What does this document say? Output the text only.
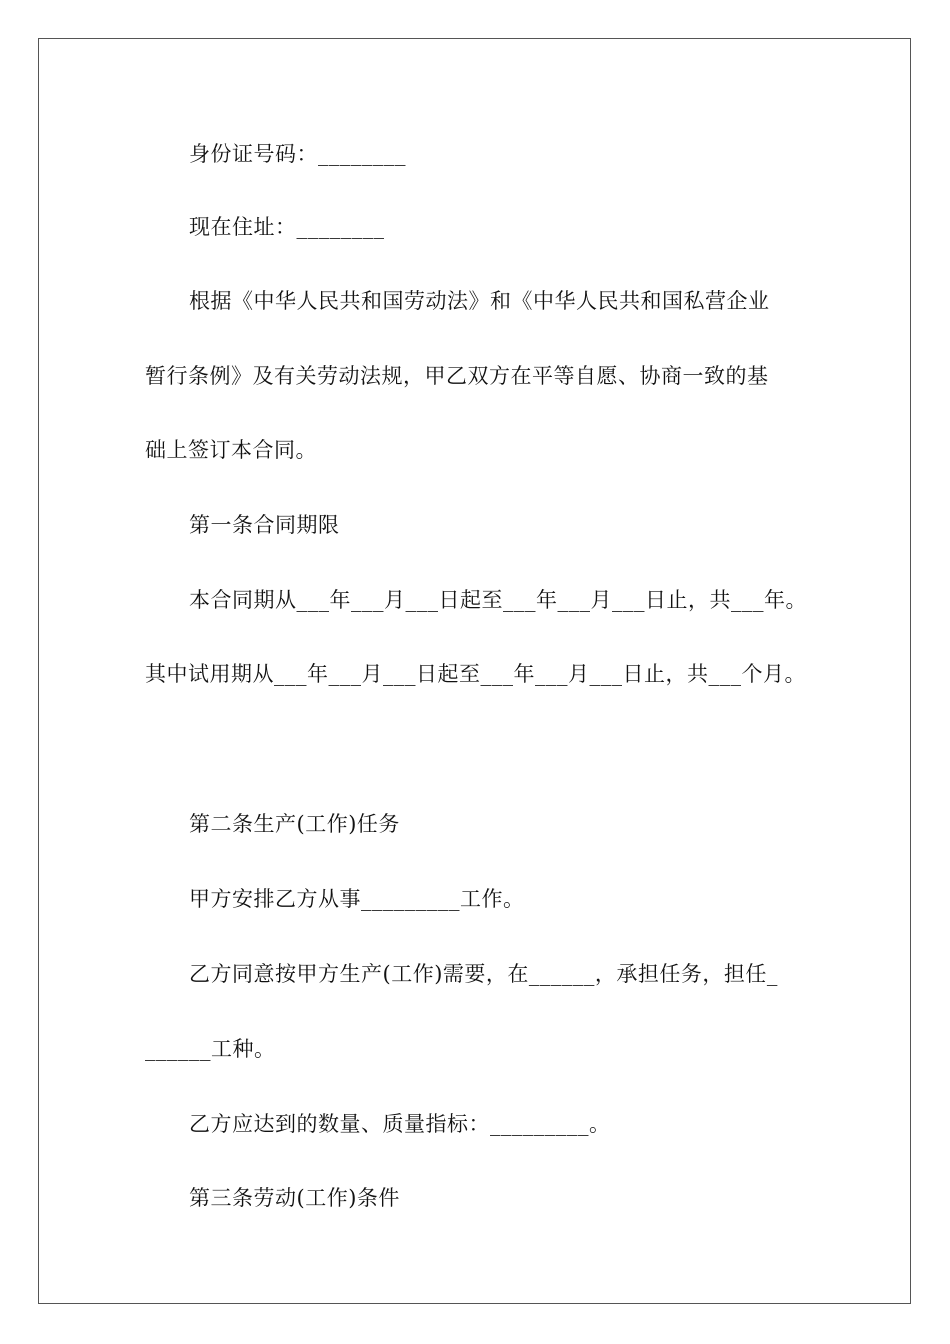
身份证号码：________
现在住址：________
根据《中华人民共和国劳动法》和《中华人民共和国私营企业
暂行条例》及有关劳动法规，甲乙双方在平等自愿、协商一致的基
础上签订本合同。
第一条合同期限
本合同期从___年___月___日起至___年___月___日止，共___年。
其中试用期从___年___月___日起至___年___月___日止，共___个月。
第二条生产(工作)任务
甲方安排乙方从事_________工作。
乙方同意按甲方生产(工作)需要，在______，承担任务，担任_
______工种。
乙方应达到的数量、质量指标：_________。
第三条劳动(工作)条件
